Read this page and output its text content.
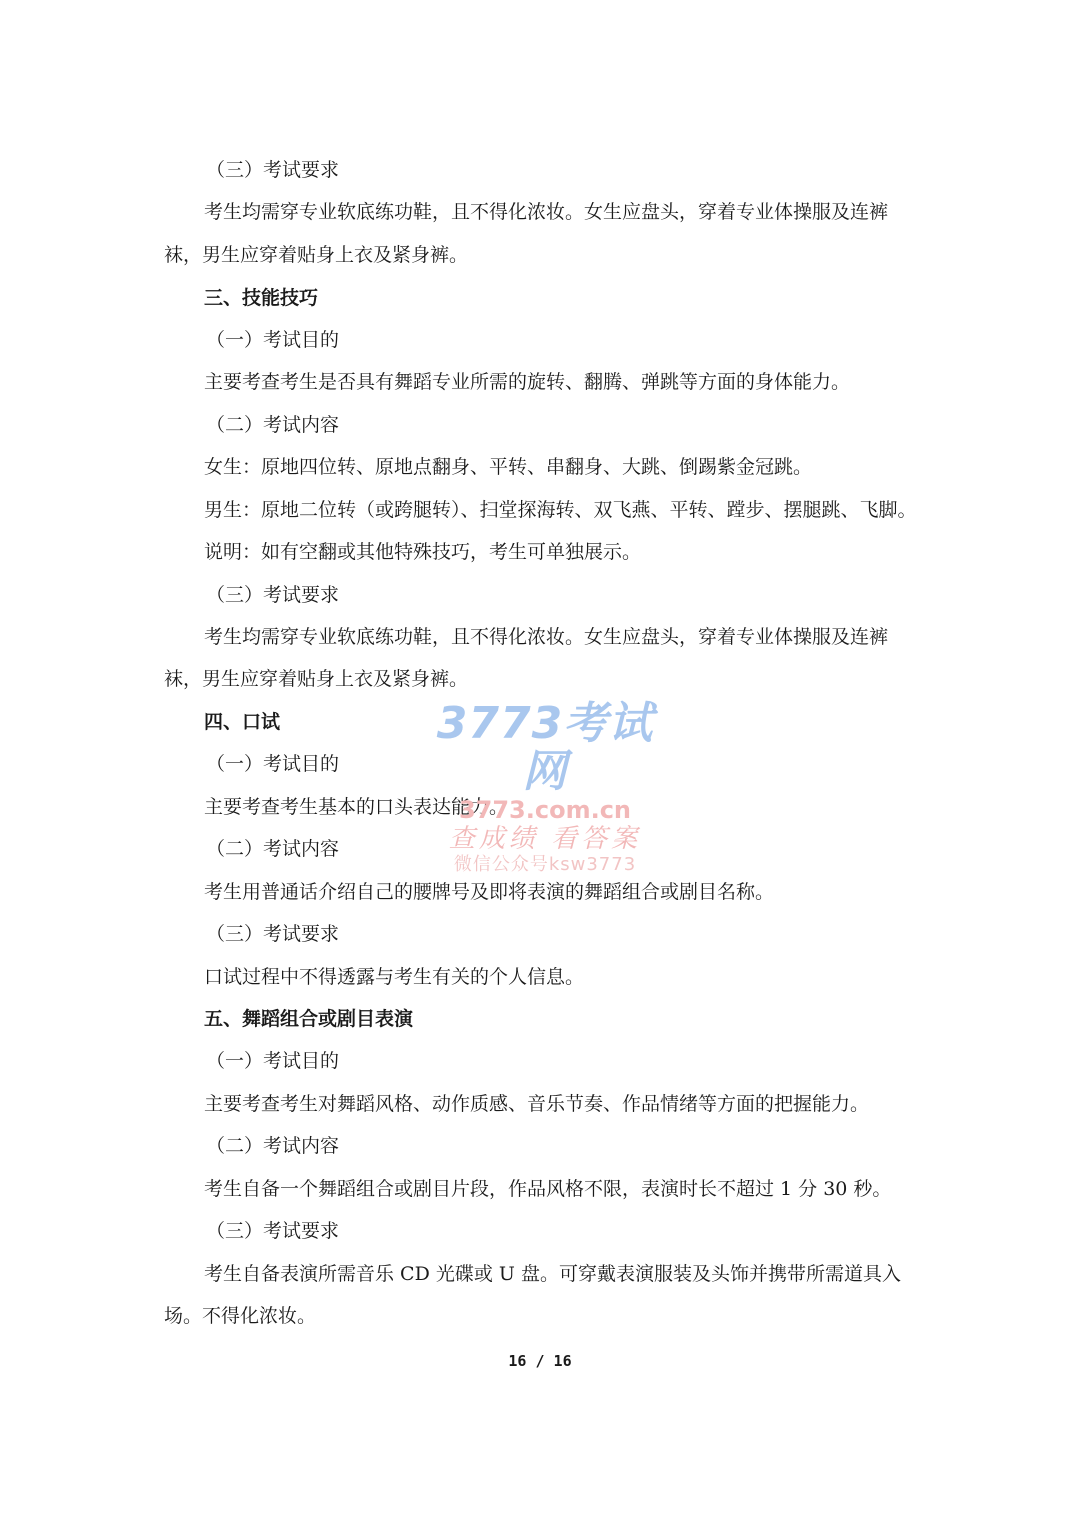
（三）考试要求
考生均需穿专业软底练功鞋，且不得化浓妆。女生应盘头，穿着专业体操服及连裤
袜，男生应穿着贴身上衣及紧身裤。
三、技能技巧
（一）考试目的
主要考查考生是否具有舞蹈专业所需的旋转、翻腾、弹跳等方面的身体能力。
（二）考试内容
女生：原地四位转、原地点翻身、平转、串翻身、大跳、倒踢紫金冠跳。
男生：原地二位转（或跨腿转）、扫堂探海转、双飞燕、平转、蹚步、摆腿跳、飞脚。
说明：如有空翻或其他特殊技巧，考生可单独展示。
（三）考试要求
考生均需穿专业软底练功鞋，且不得化浓妆。女生应盘头，穿着专业体操服及连裤
袜，男生应穿着贴身上衣及紧身裤。
四、口试
（一）考试目的
主要考查考生基本的口头表达能力。
（二）考试内容
考生用普通话介绍自己的腰牌号及即将表演的舞蹈组合或剧目名称。
（三）考试要求
口试过程中不得透露与考生有关的个人信息。
五、舞蹈组合或剧目表演
（一）考试目的
主要考查考生对舞蹈风格、动作质感、音乐节奏、作品情绪等方面的把握能力。
（二）考试内容
考生自备一个舞蹈组合或剧目片段，作品风格不限，表演时长不超过 1 分 30 秒。
（三）考试要求
考生自备表演所需音乐 CD 光碟或 U 盘。可穿戴表演服装及头饰并携带所需道具入
场。不得化浓妆。
3773考试网
3773.com.cn
查成绩 看答案
微信公众号ksw3773
16 / 16
